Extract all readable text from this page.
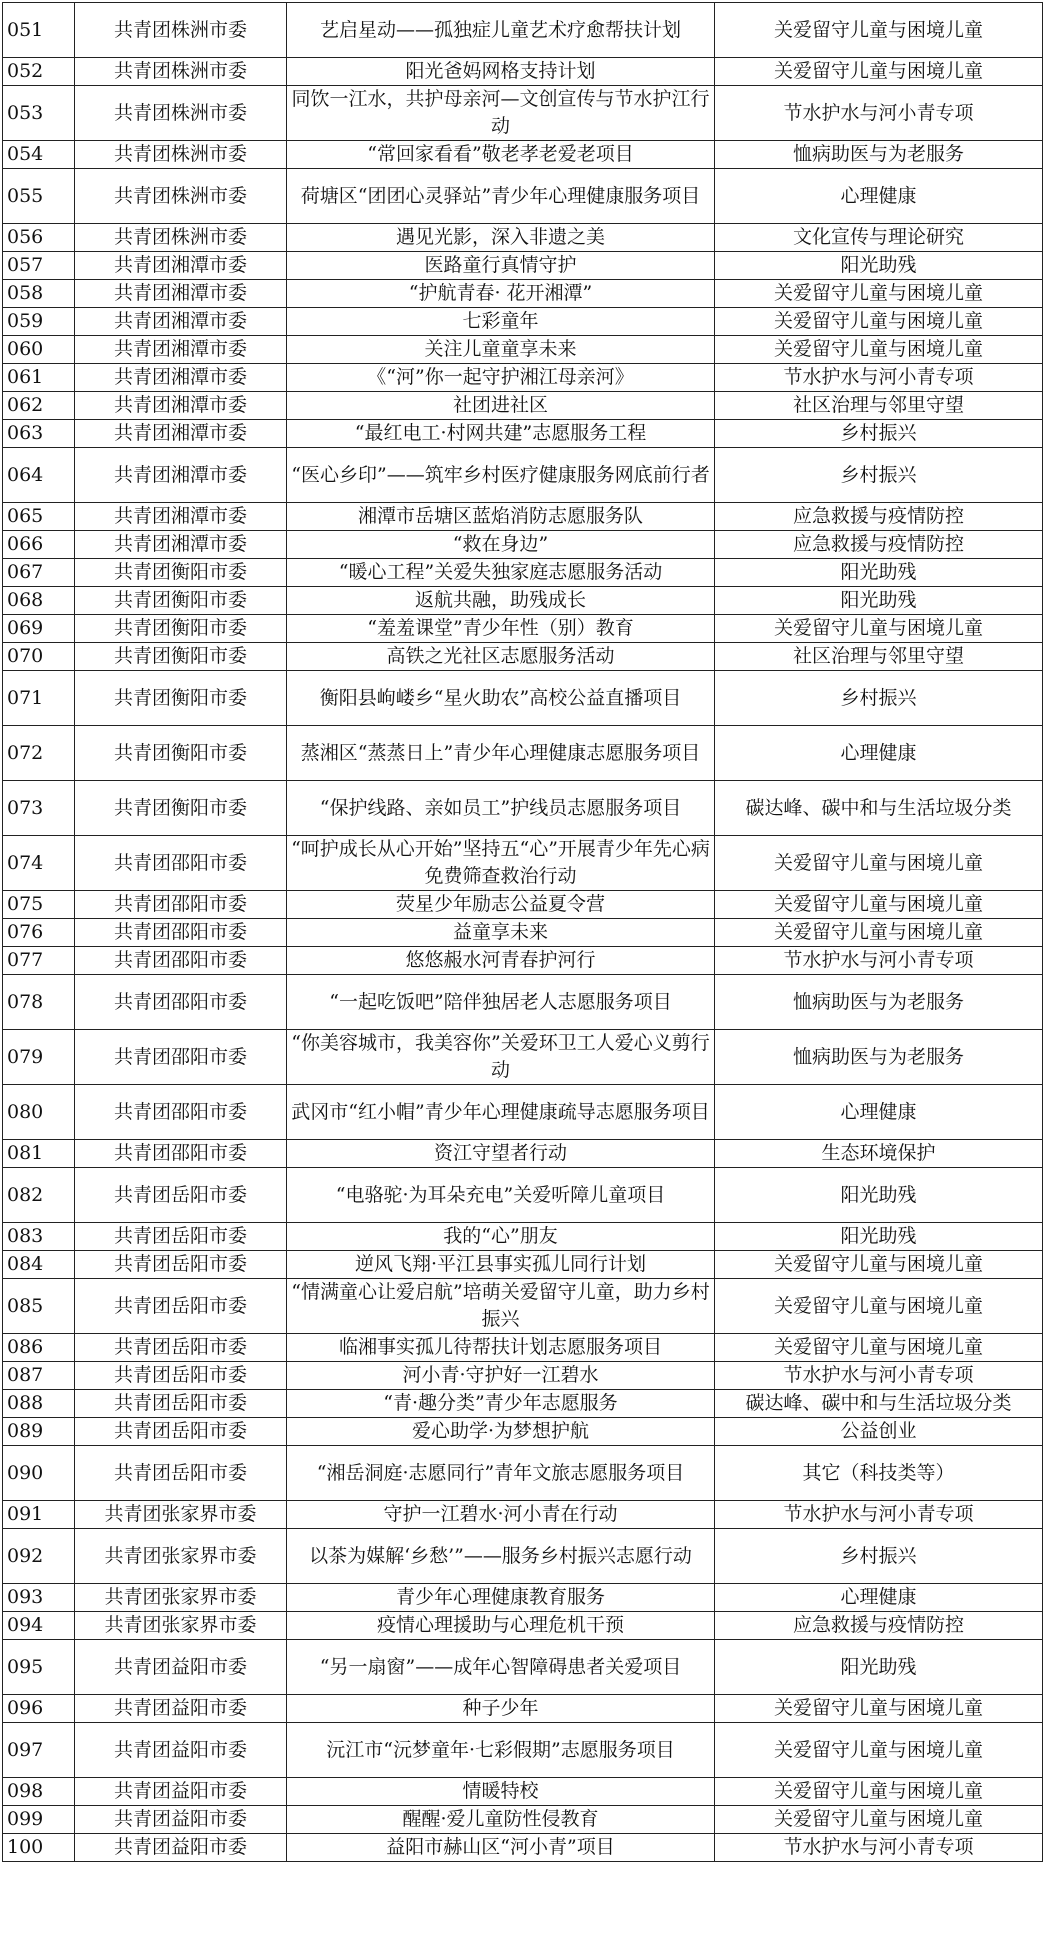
051	共青团株洲市委	艺启星动——孤独症儿童艺术疗愈帮扶计划	关爱留守儿童与困境儿童
052	共青团株洲市委	阳光爸妈网格支持计划	关爱留守儿童与困境儿童
053	共青团株洲市委	同饮一江水，共护母亲河—文创宣传与节水护江行动	节水护水与河小青专项
054	共青团株洲市委	“常回家看看”敬老孝老爱老项目	恤病助医与为老服务
055	共青团株洲市委	荷塘区“团团心灵驿站”青少年心理健康服务项目	心理健康
056	共青团株洲市委	遇见光影，深入非遗之美	文化宣传与理论研究
057	共青团湘潭市委	医路童行真情守护	阳光助残
058	共青团湘潭市委	“护航青春· 花开湘潭”	关爱留守儿童与困境儿童
059	共青团湘潭市委	七彩童年	关爱留守儿童与困境儿童
060	共青团湘潭市委	关注儿童童享未来	关爱留守儿童与困境儿童
061	共青团湘潭市委	《“河”你一起守护湘江母亲河》	节水护水与河小青专项
062	共青团湘潭市委	社团进社区	社区治理与邻里守望
063	共青团湘潭市委	“最红电工·村网共建”志愿服务工程	乡村振兴
064	共青团湘潭市委	“医心乡印”——筑牢乡村医疗健康服务网底前行者	乡村振兴
065	共青团湘潭市委	湘潭市岳塘区蓝焰消防志愿服务队	应急救援与疫情防控
066	共青团湘潭市委	“救在身边”	应急救援与疫情防控
067	共青团衡阳市委	“暖心工程”关爱失独家庭志愿服务活动	阳光助残
068	共青团衡阳市委	返航共融，助残成长	阳光助残
069	共青团衡阳市委	“羞羞课堂”青少年性（别）教育	关爱留守儿童与困境儿童
070	共青团衡阳市委	高铁之光社区志愿服务活动	社区治理与邻里守望
071	共青团衡阳市委	衡阳县岣嵝乡“星火助农”高校公益直播项目	乡村振兴
072	共青团衡阳市委	蒸湘区“蒸蒸日上”青少年心理健康志愿服务项目	心理健康
073	共青团衡阳市委	“保护线路、亲如员工”护线员志愿服务项目	碳达峰、碳中和与生活垃圾分类
074	共青团邵阳市委	“呵护成长从心开始”坚持五“心”开展青少年先心病免费筛查救治行动	关爱留守儿童与困境儿童
075	共青团邵阳市委	荧星少年励志公益夏令营	关爱留守儿童与困境儿童
076	共青团邵阳市委	益童享未来	关爱留守儿童与困境儿童
077	共青团邵阳市委	悠悠赧水河青春护河行	节水护水与河小青专项
078	共青团邵阳市委	“一起吃饭吧”陪伴独居老人志愿服务项目	恤病助医与为老服务
079	共青团邵阳市委	“你美容城市，我美容你”关爱环卫工人爱心义剪行动	恤病助医与为老服务
080	共青团邵阳市委	武冈市“红小帽”青少年心理健康疏导志愿服务项目	心理健康
081	共青团邵阳市委	资江守望者行动	生态环境保护
082	共青团岳阳市委	“电骆驼·为耳朵充电”关爱听障儿童项目	阳光助残
083	共青团岳阳市委	我的“心”朋友	阳光助残
084	共青团岳阳市委	逆风飞翔·平江县事实孤儿同行计划	关爱留守儿童与困境儿童
085	共青团岳阳市委	“情满童心让爱启航”培萌关爱留守儿童，助力乡村振兴	关爱留守儿童与困境儿童
086	共青团岳阳市委	临湘事实孤儿待帮扶计划志愿服务项目	关爱留守儿童与困境儿童
087	共青团岳阳市委	河小青·守护好一江碧水	节水护水与河小青专项
088	共青团岳阳市委	“青·趣分类”青少年志愿服务	碳达峰、碳中和与生活垃圾分类
089	共青团岳阳市委	爱心助学·为梦想护航	公益创业
090	共青团岳阳市委	“湘岳洞庭·志愿同行”青年文旅志愿服务项目	其它（科技类等）
091	共青团张家界市委	守护一江碧水·河小青在行动	节水护水与河小青专项
092	共青团张家界市委	以茶为媒解‘乡愁’”——服务乡村振兴志愿行动	乡村振兴
093	共青团张家界市委	青少年心理健康教育服务	心理健康
094	共青团张家界市委	疫情心理援助与心理危机干预	应急救援与疫情防控
095	共青团益阳市委	“另一扇窗”——成年心智障碍患者关爱项目	阳光助残
096	共青团益阳市委	种子少年	关爱留守儿童与困境儿童
097	共青团益阳市委	沅江市“沅梦童年·七彩假期”志愿服务项目	关爱留守儿童与困境儿童
098	共青团益阳市委	情暖特校	关爱留守儿童与困境儿童
099	共青团益阳市委	醒醒·爱儿童防性侵教育	关爱留守儿童与困境儿童
100	共青团益阳市委	益阳市赫山区“河小青”项目	节水护水与河小青专项
